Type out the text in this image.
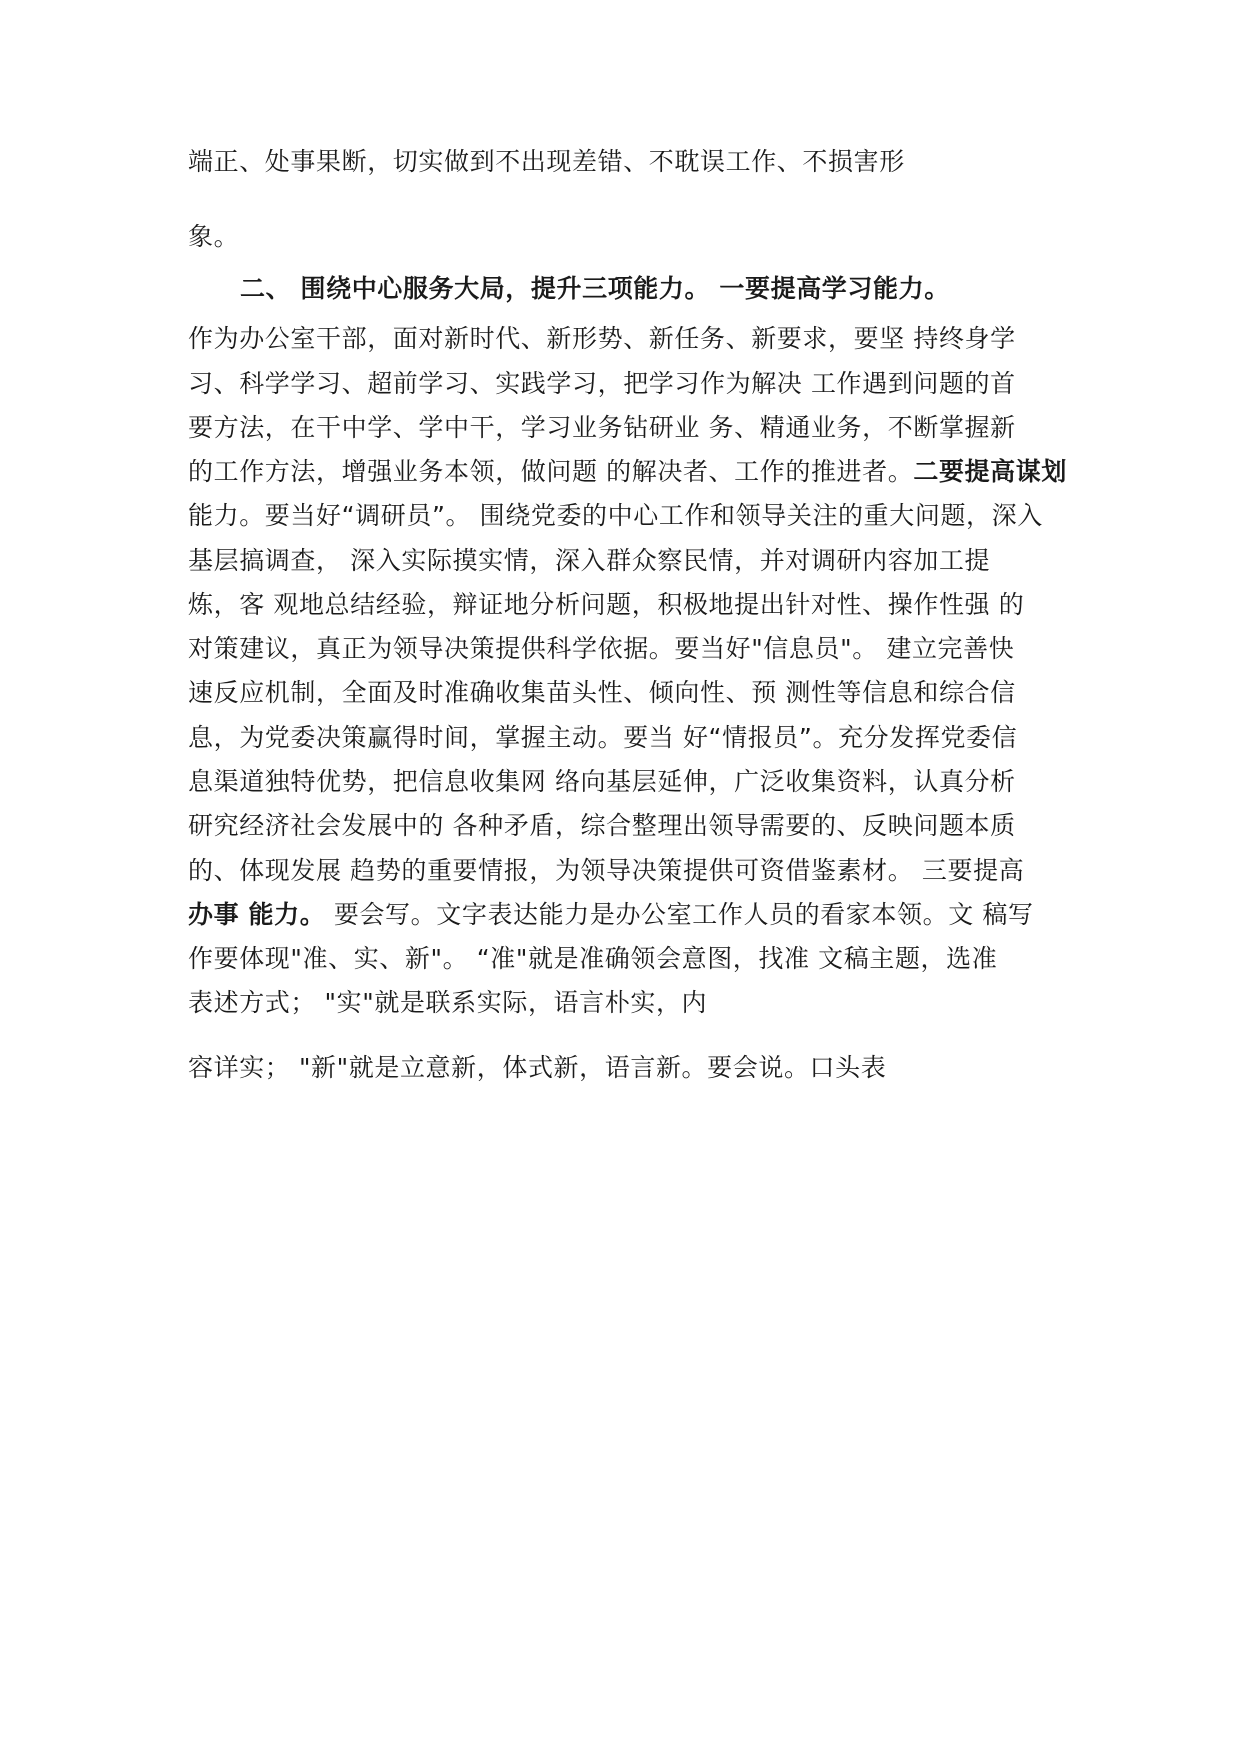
端正、处事果断，切实做到不出现差错、不耽误工作、不损害形
象。
二、 围绕中心服务大局，提升三项能力。 一要提高学习能力。
作为办公室干部，面对新时代、新形势、新任务、新要求，要坚 持终身学
习、科学学习、超前学习、实践学习，把学习作为解决 工作遇到问题的首
要方法，在干中学、学中干，学习业务钻研业 务、精通业务，不断掌握新
的工作方法，增强业务本领，做问题 的解决者、工作的推进者。二要提高谋划
能力。要当好“调研员”。 围绕党委的中心工作和领导关注的重大问题，深入
基层搞调查， 深入实际摸实情，深入群众察民情，并对调研内容加工提
炼，客 观地总结经验，辩证地分析问题，积极地提出针对性、操作性强 的
对策建议，真正为领导决策提供科学依据。要当好"信息员"。 建立完善快
速反应机制，全面及时准确收集苗头性、倾向性、预 测性等信息和综合信
息，为党委决策赢得时间，掌握主动。要当 好“情报员”。充分发挥党委信
息渠道独特优势，把信息收集网 络向基层延伸，广泛收集资料，认真分析
研究经济社会发展中的 各种矛盾，综合整理出领导需要的、反映问题本质
的、体现发展 趋势的重要情报，为领导决策提供可资借鉴素材。 三要提高
办事 能力。 要会写。文字表达能力是办公室工作人员的看家本领。文 稿写
作要体现"准、实、新"。 “准"就是准确领会意图，找准 文稿主题，选准
表述方式； "实"就是联系实际，语言朴实，内
容详实； "新"就是立意新，体式新，语言新。要会说。口头表
